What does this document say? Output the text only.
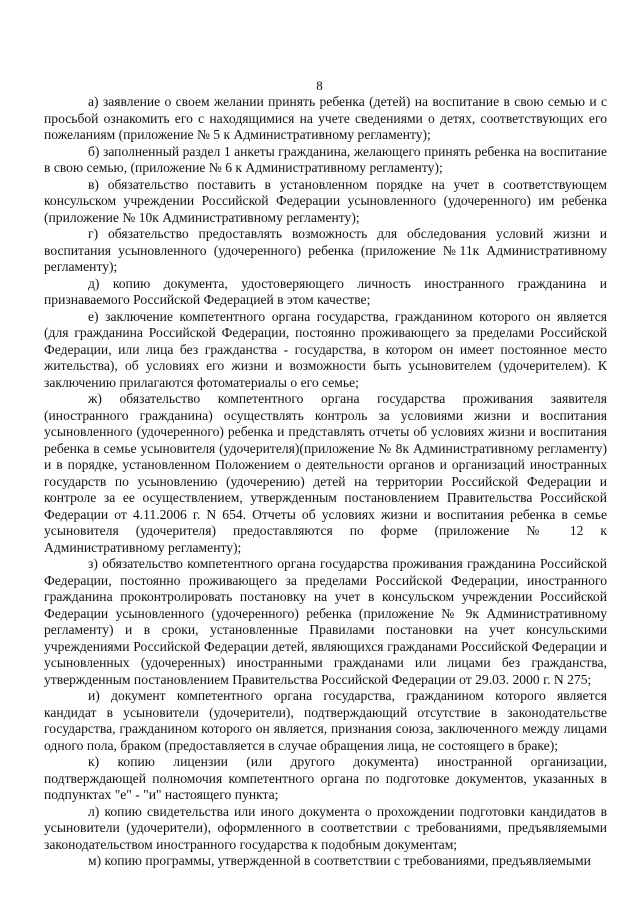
8

а) заявление о своем желании принять ребенка (детей) на воспитание в свою семью и с просьбой ознакомить его с находящимися на учете сведениями о детях, соответствующих его пожеланиям (приложение № 5 к Административному регламенту);

б) заполненный раздел 1 анкеты гражданина, желающего принять ребенка на воспитание в свою семью, (приложение № 6 к Административному регламенту);

в) обязательство поставить в установленном порядке на учет в соответствующем консульском учреждении Российской Федерации усыновленного (удочеренного) им ребенка (приложение № 10к Административному регламенту);

г) обязательство предоставлять возможность для обследования условий жизни и воспитания усыновленного (удочеренного) ребенка (приложение №11к Административному регламенту);

д) копию документа, удостоверяющего личность иностранного гражданина и признаваемого Российской Федерацией в этом качестве;

е) заключение компетентного органа государства, гражданином которого он является (для гражданина Российской Федерации, постоянно проживающего за пределами Российской Федерации, или лица без гражданства - государства, в котором он имеет постоянное место жительства), об условиях его жизни и возможности быть усыновителем (удочерителем). К заключению прилагаются фотоматериалы о его семье;

ж) обязательство компетентного органа государства проживания заявителя (иностранного гражданина) осуществлять контроль за условиями жизни и воспитания усыновленного (удочеренного) ребенка и представлять отчеты об условиях жизни и воспитания ребенка в семье усыновителя (удочерителя)(приложение № 8к Административному регламенту) и в порядке, установленном Положением о деятельности органов и организаций иностранных государств по усыновлению (удочерению) детей на территории Российской Федерации и контроле за ее осуществлением, утвержденным постановлением Правительства Российской Федерации от 4.11.2006 г. N 654. Отчеты об условиях жизни и воспитания ребенка в семье усыновителя (удочерителя) предоставляются по форме (приложение № 12 к Административному регламенту);

з) обязательство компетентного органа государства проживания гражданина Российской Федерации, постоянно проживающего за пределами Российской Федерации, иностранного гражданина проконтролировать постановку на учет в консульском учреждении Российской Федерации усыновленного (удочеренного) ребенка (приложение № 9к Административному регламенту) и в сроки, установленные Правилами постановки на учет консульскими учреждениями Российской Федерации детей, являющихся гражданами Российской Федерации и усыновленных (удочеренных) иностранными гражданами или лицами без гражданства, утвержденным постановлением Правительства Российской Федерации от 29.03. 2000 г. N 275;

и) документ компетентного органа государства, гражданином которого является кандидат в усыновители (удочерители), подтверждающий отсутствие в законодательстве государства, гражданином которого он является, признания союза, заключенного между лицами одного пола, браком (предоставляется в случае обращения лица, не состоящего в браке);

к) копию лицензии (или другого документа) иностранной организации, подтверждающей полномочия компетентного органа по подготовке документов, указанных в подпунктах "е" - "и" настоящего пункта;

л) копию свидетельства или иного документа о прохождении подготовки кандидатов в усыновители (удочерители), оформленного в соответствии с требованиями, предъявляемыми законодательством иностранного государства к подобным документам;

м) копию программы, утвержденной в соответствии с требованиями, предъявляемыми
